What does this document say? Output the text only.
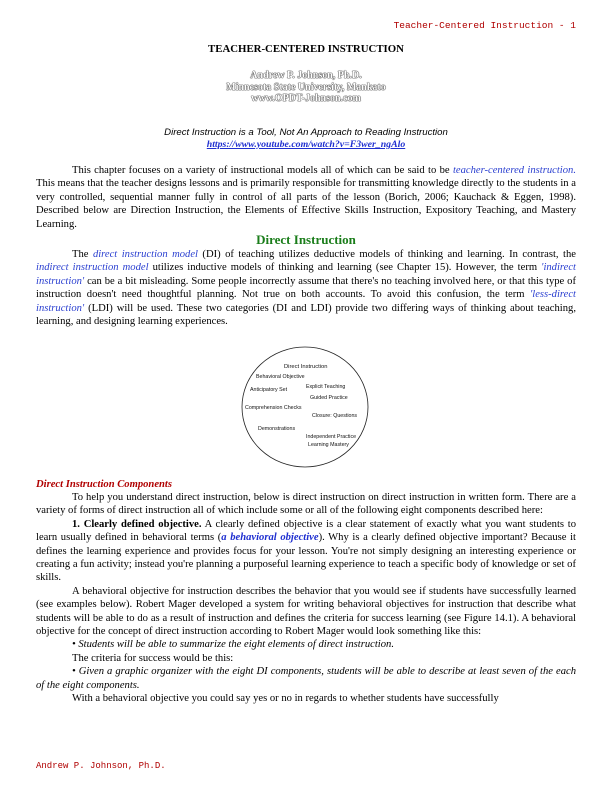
Teacher-Centered Instruction - 1
TEACHER-CENTERED INSTRUCTION
Andrew P. Johnson, Ph.D.
Minnesota State University, Mankato
www.OPDT-Johnson.com
Direct Instruction is a Tool, Not An Approach to Reading Instruction
https://www.youtube.com/watch?v=F3wer_ngAlo

This chapter focuses on a variety of instructional models all of which can be said to be teacher-centered instruction. This means that the teacher designs lessons and is primarily responsible for transmitting knowledge directly to the students in a very controlled, sequential manner fully in control of all parts of the lesson (Borich, 2006; Kauchack & Eggen, 1998). Described below are Direction Instruction, the Elements of Effective Skills Instruction, Expository Teaching, and Mastery Learning.

Direct Instruction

The direct instruction model (DI) of teaching utilizes deductive models of thinking and learning. In contrast, the indirect instruction model utilizes inductive models of thinking and learning (see Chapter 15). However, the term 'indirect instruction' can be a bit misleading. Some people incorrectly assume that there's no teaching involved here, or that this type of instruction doesn't need thoughtful planning. Not true on both accounts. To avoid this confusion, the term 'less-direct instruction' (LDI) will be used. These two categories (DI and LDI) provide two differing ways of thinking about teaching, learning, and designing learning experiences.

Direct Instruction
Behavioral Objective
Explicit Teaching
Anticipatory Set
Guided Practice
Comprehension Checks
Closure: Questions
Demonstrations
Independent Practice
Learning Mastery
Direct Instruction Components

To help you understand direct instruction, below is direct instruction on direct instruction in written form. There are a variety of forms of direct instruction all of which include some or all of the following eight components described here:

1. Clearly defined objective. A clearly defined objective is a clear statement of exactly what you want students to learn usually defined in behavioral terms (a behavioral objective). Why is a clearly defined objective important? Because it defines the learning experience and provides focus for your lesson. You're not simply designing an interesting experience or creating a fun activity; instead you're planning a purposeful learning experience to teach a specific body of knowledge or set of skills.

A behavioral objective for instruction describes the behavior that you would see if students have successfully learned (see examples below). Robert Mager developed a system for writing behavioral objectives for instruction that describe what students will be able to do as a result of instruction and defines the criteria for success learning (see Figure 14.1). A behavioral objective for the concept of direct instruction according to Robert Mager would look something like this:

• Students will be able to summarize the eight elements of direct instruction.

The criteria for success would be this:

• Given a graphic organizer with the eight DI components, students will be able to describe at least seven of the each of the eight components.

With a behavioral objective you could say yes or no in regards to whether students have successfully

Andrew P. Johnson, Ph.D.
